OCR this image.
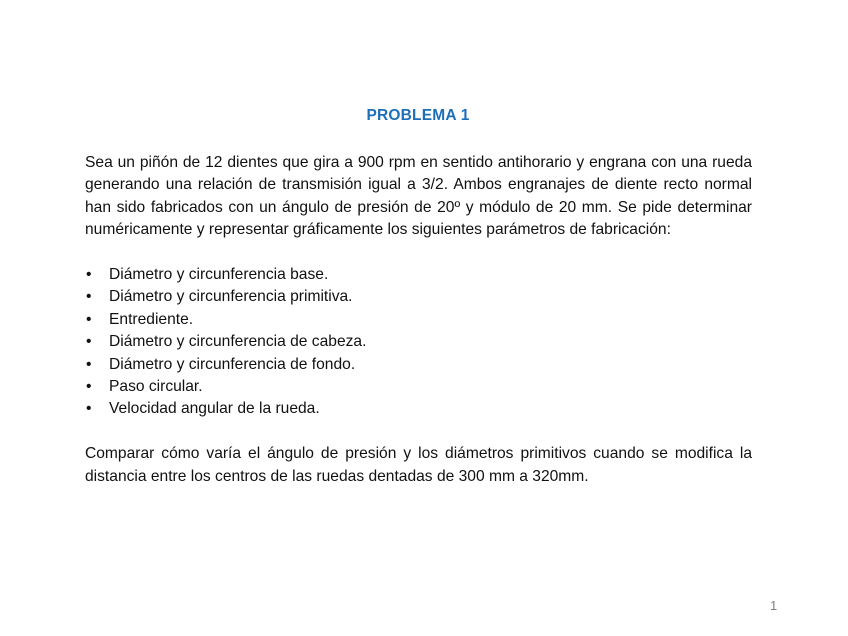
PROBLEMA 1

Sea un piñón de 12 dientes que gira a 900 rpm en sentido antihorario y engrana con una rueda generando una relación de transmisión igual a 3/2. Ambos engranajes de diente recto normal han sido fabricados con un ángulo de presión de 20º y módulo de 20 mm. Se pide determinar numéricamente y representar gráficamente los siguientes parámetros de fabricación:

• Diámetro y circunferencia base.
• Diámetro y circunferencia primitiva.
• Entrediente.
• Diámetro y circunferencia de cabeza.
• Diámetro y circunferencia de fondo.
• Paso circular.
• Velocidad angular de la rueda.

Comparar cómo varía el ángulo de presión y los diámetros primitivos cuando se modifica la distancia entre los centros de las ruedas dentadas de 300 mm a 320mm.

1
